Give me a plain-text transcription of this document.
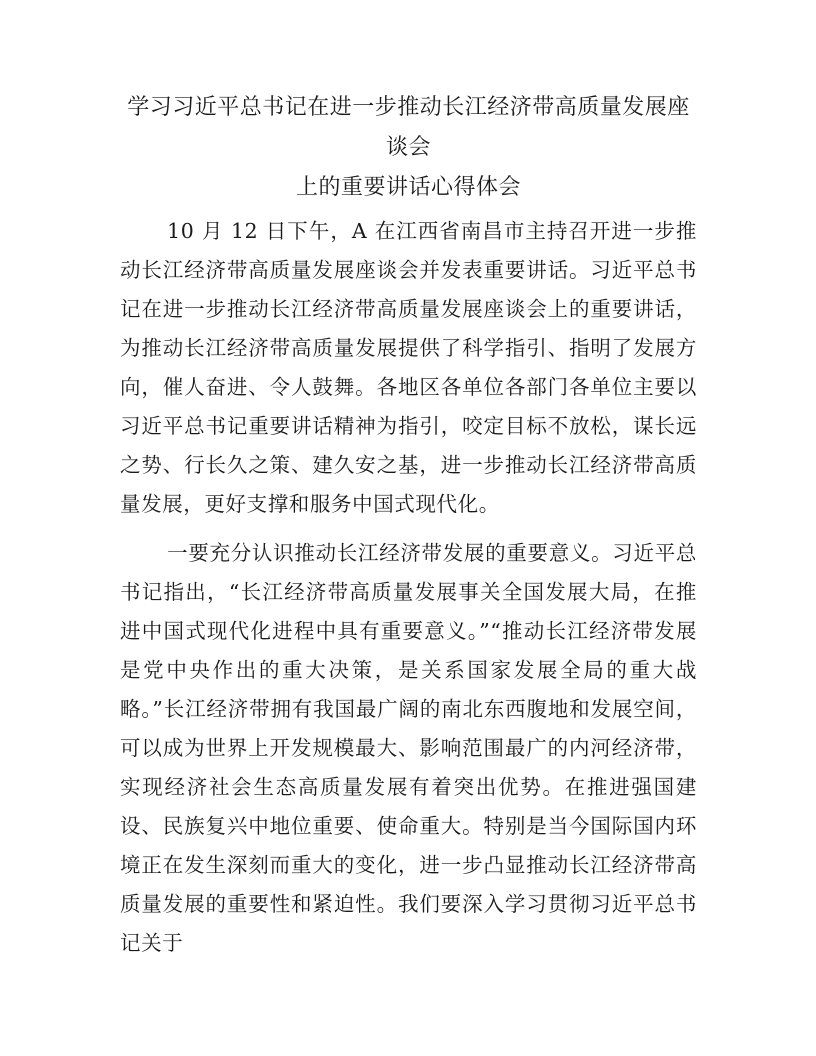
学习习近平总书记在进一步推动长江经济带高质量发展座谈会
上的重要讲话心得体会

10 月 12 日下午，A 在江西省南昌市主持召开进一步推动长江经济带高质量发展座谈会并发表重要讲话。习近平总书记在进一步推动长江经济带高质量发展座谈会上的重要讲话，为推动长江经济带高质量发展提供了科学指引、指明了发展方向，催人奋进、令人鼓舞。各地区各单位各部门各单位主要以习近平总书记重要讲话精神为指引，咬定目标不放松，谋长远之势、行长久之策、建久安之基，进一步推动长江经济带高质量发展，更好支撑和服务中国式现代化。

一要充分认识推动长江经济带发展的重要意义。习近平总书记指出，“长江经济带高质量发展事关全国发展大局，在推进中国式现代化进程中具有重要意义。”“推动长江经济带发展是党中央作出的重大决策，是关系国家发展全局的重大战略。”长江经济带拥有我国最广阔的南北东西腹地和发展空间，可以成为世界上开发规模最大、影响范围最广的内河经济带，实现经济社会生态高质量发展有着突出优势。在推进强国建设、民族复兴中地位重要、使命重大。特别是当今国际国内环境正在发生深刻而重大的变化，进一步凸显推动长江经济带高质量发展的重要性和紧迫性。我们要深入学习贯彻习近平总书记关于
